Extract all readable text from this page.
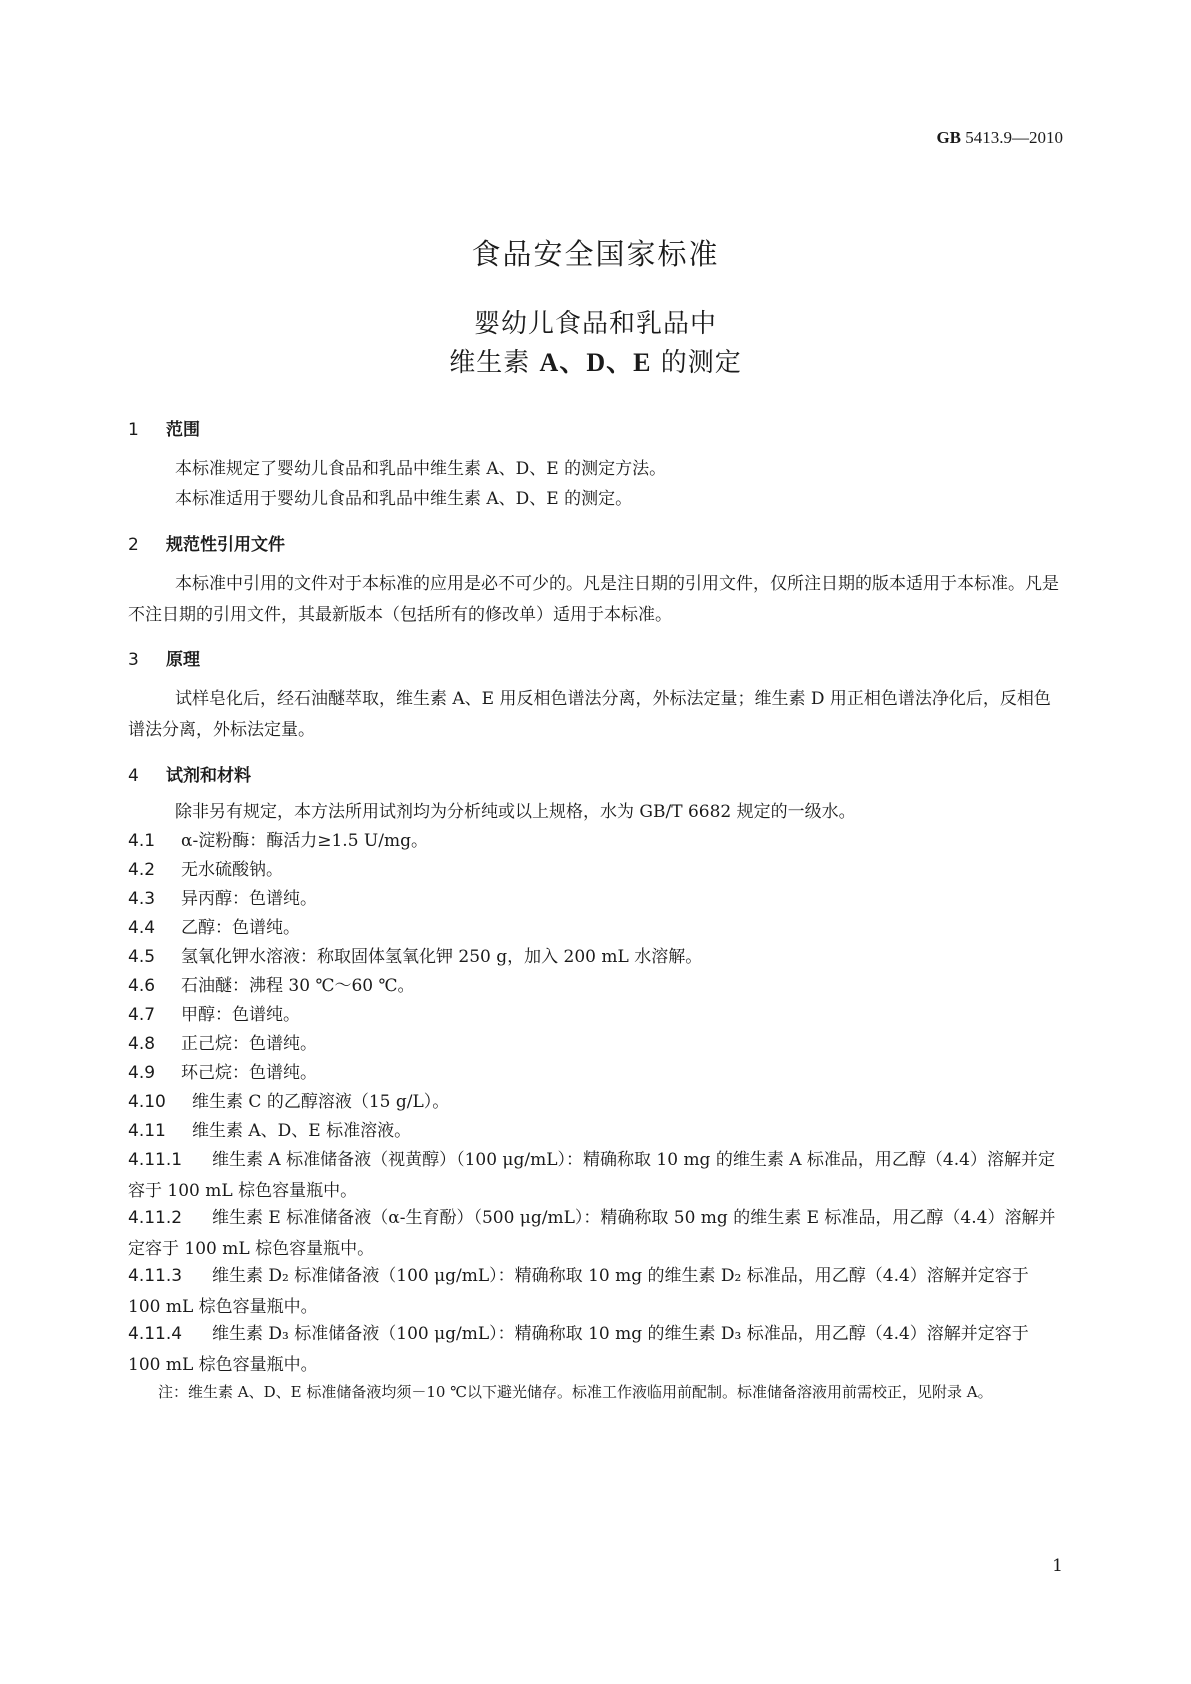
GB 5413.9—2010
食品安全国家标准
婴幼儿食品和乳品中
维生素 A、D、E 的测定
1 范围
本标准规定了婴幼儿食品和乳品中维生素 A、D、E 的测定方法。
本标准适用于婴幼儿食品和乳品中维生素 A、D、E 的测定。
2 规范性引用文件
本标准中引用的文件对于本标准的应用是必不可少的。凡是注日期的引用文件，仅所注日期的版本适用于本标准。凡是不注日期的引用文件，其最新版本（包括所有的修改单）适用于本标准。
3 原理
试样皂化后，经石油醚萃取，维生素 A、E 用反相色谱法分离，外标法定量；维生素 D 用正相色谱法净化后，反相色谱法分离，外标法定量。
4 试剂和材料
除非另有规定，本方法所用试剂均为分析纯或以上规格，水为 GB/T 6682 规定的一级水。
4.1 α-淀粉酶：酶活力≥1.5 U/mg。
4.2 无水硫酸钠。
4.3 异丙醇：色谱纯。
4.4 乙醇：色谱纯。
4.5 氢氧化钾水溶液：称取固体氢氧化钾 250 g，加入 200 mL 水溶解。
4.6 石油醚：沸程 30 ℃～60 ℃。
4.7 甲醇：色谱纯。
4.8 正己烷：色谱纯。
4.9 环己烷：色谱纯。
4.10 维生素 C 的乙醇溶液（15 g/L）。
4.11 维生素 A、D、E 标准溶液。
4.11.1 维生素 A 标准储备液（视黄醇）（100 μg/mL）：精确称取 10 mg 的维生素 A 标准品，用乙醇（4.4）溶解并定容于 100 mL 棕色容量瓶中。
4.11.2 维生素 E 标准储备液（α-生育酚）（500 μg/mL）：精确称取 50 mg 的维生素 E 标准品，用乙醇（4.4）溶解并定容于 100 mL 棕色容量瓶中。
4.11.3 维生素 D₂ 标准储备液（100 μg/mL）：精确称取 10 mg 的维生素 D₂ 标准品，用乙醇（4.4）溶解并定容于 100 mL 棕色容量瓶中。
4.11.4 维生素 D₃ 标准储备液（100 μg/mL）：精确称取 10 mg 的维生素 D₃ 标准品，用乙醇（4.4）溶解并定容于 100 mL 棕色容量瓶中。
注：维生素 A、D、E 标准储备液均须－10 ℃以下避光储存。标准工作液临用前配制。标准储备溶液用前需校正，见附录 A。
1
